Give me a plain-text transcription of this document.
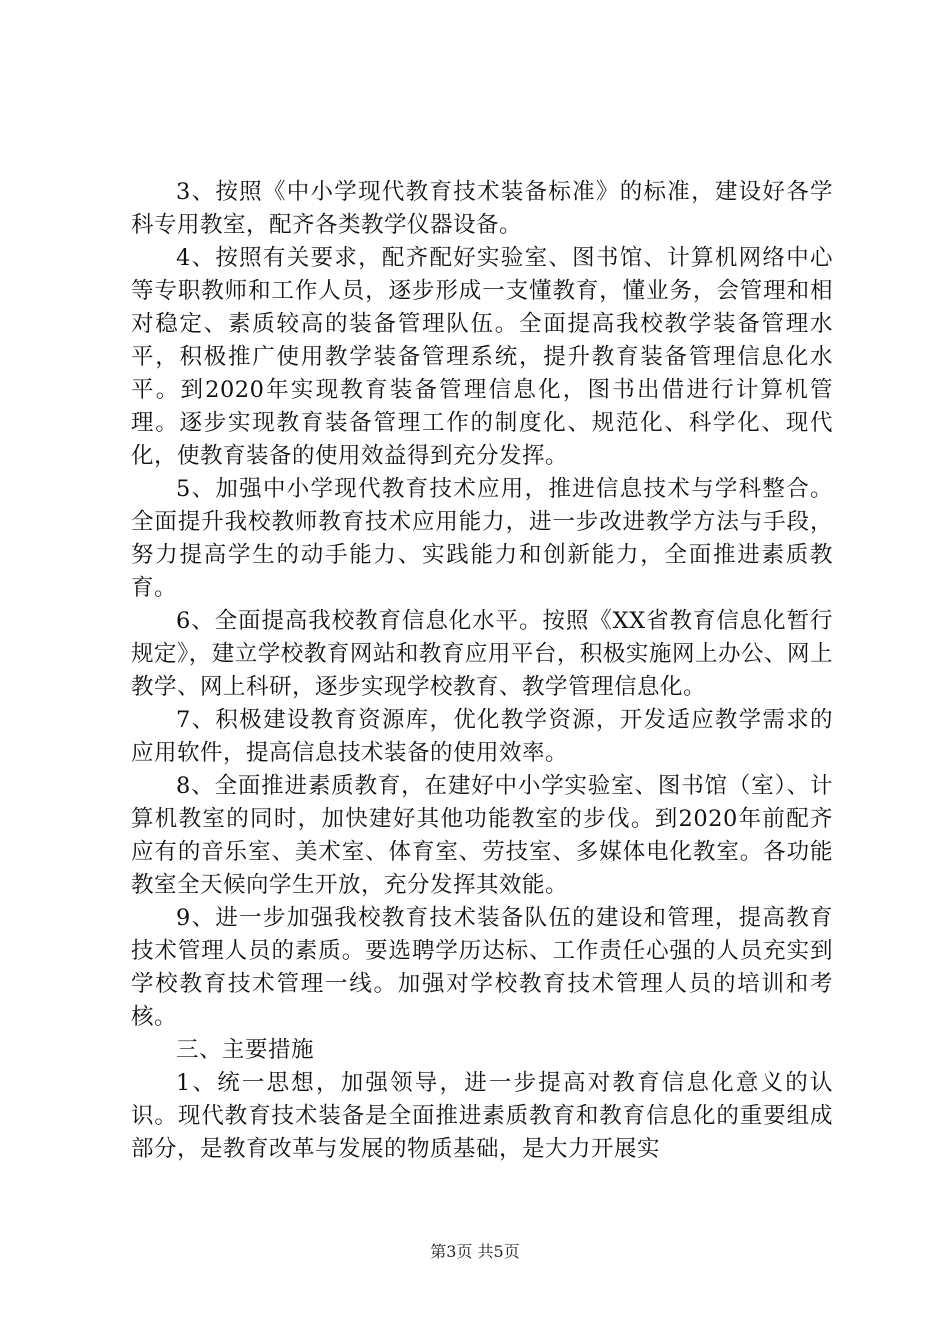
3、按照《中小学现代教育技术装备标准》的标准，建设好各学科专用教室，配齐各类教学仪器设备。

4、按照有关要求，配齐配好实验室、图书馆、计算机网络中心等专职教师和工作人员，逐步形成一支懂教育，懂业务，会管理和相对稳定、素质较高的装备管理队伍。全面提高我校教学装备管理水平，积极推广使用教学装备管理系统，提升教育装备管理信息化水平。到2020年实现教育装备管理信息化，图书出借进行计算机管理。逐步实现教育装备管理工作的制度化、规范化、科学化、现代化，使教育装备的使用效益得到充分发挥。

5、加强中小学现代教育技术应用，推进信息技术与学科整合。全面提升我校教师教育技术应用能力，进一步改进教学方法与手段，努力提高学生的动手能力、实践能力和创新能力，全面推进素质教育。

6、全面提高我校教育信息化水平。按照《XX省教育信息化暂行规定》，建立学校教育网站和教育应用平台，积极实施网上办公、网上教学、网上科研，逐步实现学校教育、教学管理信息化。

7、积极建设教育资源库，优化教学资源，开发适应教学需求的应用软件，提高信息技术装备的使用效率。

8、全面推进素质教育，在建好中小学实验室、图书馆（室）、计算机教室的同时，加快建好其他功能教室的步伐。到2020年前配齐应有的音乐室、美术室、体育室、劳技室、多媒体电化教室。各功能教室全天候向学生开放，充分发挥其效能。

9、进一步加强我校教育技术装备队伍的建设和管理，提高教育技术管理人员的素质。要选聘学历达标、工作责任心强的人员充实到学校教育技术管理一线。加强对学校教育技术管理人员的培训和考核。

三、主要措施

1、统一思想，加强领导，进一步提高对教育信息化意义的认识。现代教育技术装备是全面推进素质教育和教育信息化的重要组成部分，是教育改革与发展的物质基础，是大力开展实

第3页 共5页
